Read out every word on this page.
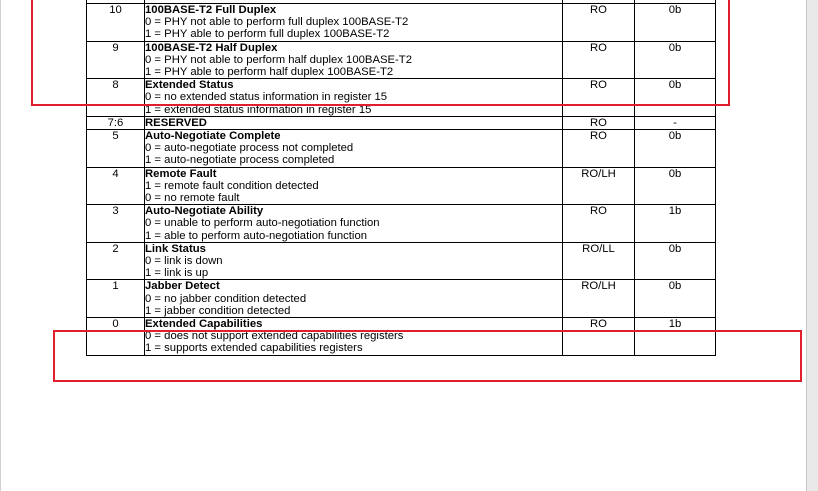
10	100BASE-T2 Full Duplex
0 = PHY not able to perform full duplex 100BASE-T2
1 = PHY able to perform full duplex 100BASE-T2	RO	0b
9	100BASE-T2 Half Duplex
0 = PHY not able to perform half duplex 100BASE-T2
1 = PHY able to perform half duplex 100BASE-T2	RO	0b
8	Extended Status
0 = no extended status information in register 15
1 = extended status information in register 15	RO	0b
7:6	RESERVED	RO	-
5	Auto-Negotiate Complete
0 = auto-negotiate process not completed
1 = auto-negotiate process completed	RO	0b
4	Remote Fault
1 = remote fault condition detected
0 = no remote fault	RO/LH	0b
3	Auto-Negotiate Ability
0 = unable to perform auto-negotiation function
1 = able to perform auto-negotiation function	RO	1b
2	Link Status
0 = link is down
1 = link is up	RO/LL	0b
1	Jabber Detect
0 = no jabber condition detected
1 = jabber condition detected	RO/LH	0b
0	Extended Capabilities
0 = does not support extended capabilities registers
1 = supports extended capabilities registers	RO	1b
